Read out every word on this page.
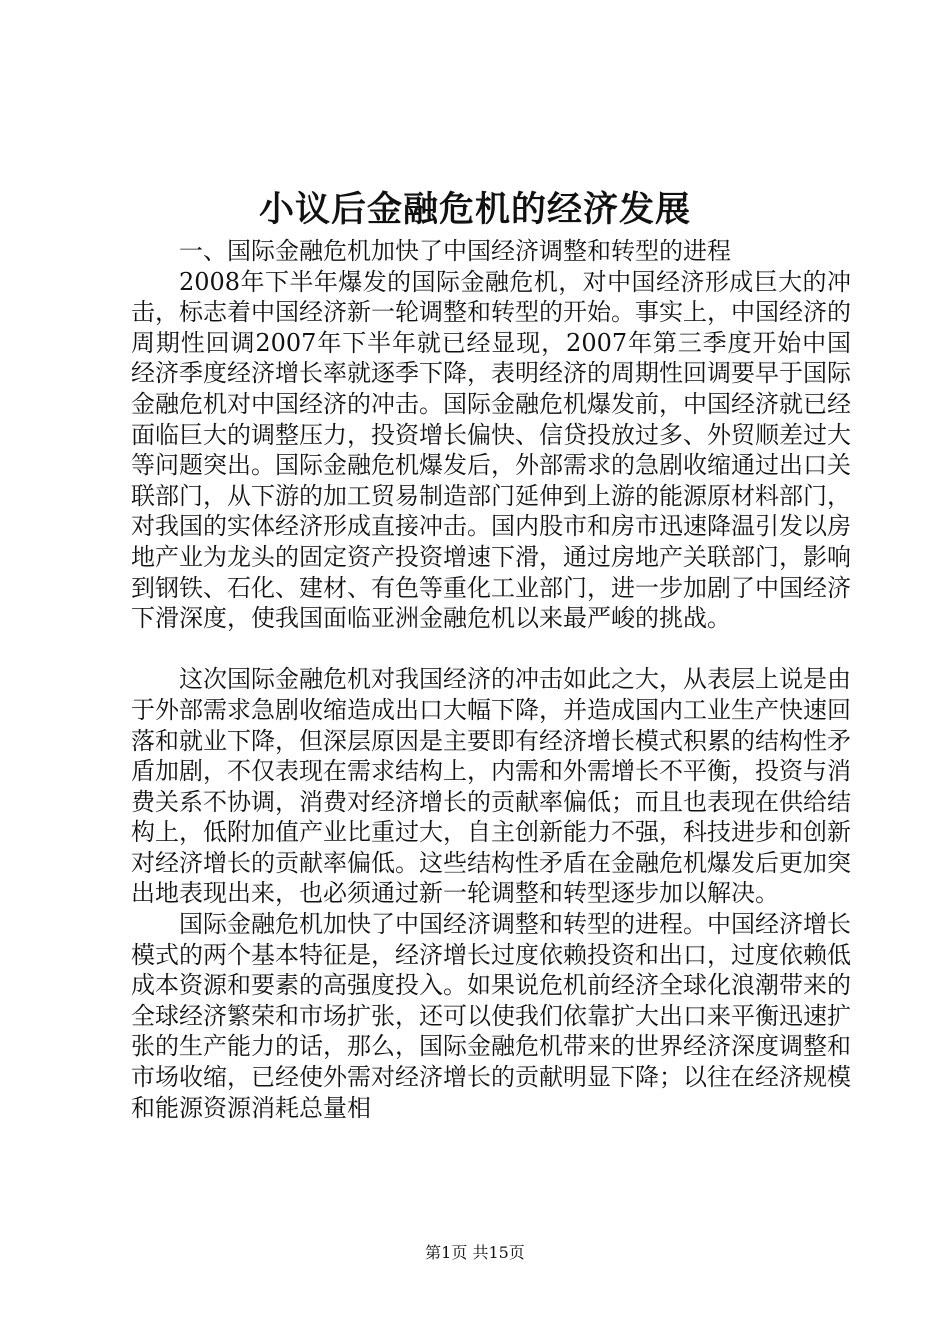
小议后金融危机的经济发展

一、国际金融危机加快了中国经济调整和转型的进程

2008年下半年爆发的国际金融危机，对中国经济形成巨大的冲击，标志着中国经济新一轮调整和转型的开始。事实上，中国经济的周期性回调2007年下半年就已经显现，2007年第三季度开始中国经济季度经济增长率就逐季下降，表明经济的周期性回调要早于国际金融危机对中国经济的冲击。国际金融危机爆发前，中国经济就已经面临巨大的调整压力，投资增长偏快、信贷投放过多、外贸顺差过大等问题突出。国际金融危机爆发后，外部需求的急剧收缩通过出口关联部门，从下游的加工贸易制造部门延伸到上游的能源原材料部门，对我国的实体经济形成直接冲击。国内股市和房市迅速降温引发以房地产业为龙头的固定资产投资增速下滑，通过房地产关联部门，影响到钢铁、石化、建材、有色等重化工业部门，进一步加剧了中国经济下滑深度，使我国面临亚洲金融危机以来最严峻的挑战。

这次国际金融危机对我国经济的冲击如此之大，从表层上说是由于外部需求急剧收缩造成出口大幅下降，并造成国内工业生产快速回落和就业下降，但深层原因是主要即有经济增长模式积累的结构性矛盾加剧，不仅表现在需求结构上，内需和外需增长不平衡，投资与消费关系不协调，消费对经济增长的贡献率偏低；而且也表现在供给结构上，低附加值产业比重过大，自主创新能力不强，科技进步和创新对经济增长的贡献率偏低。这些结构性矛盾在金融危机爆发后更加突出地表现出来，也必须通过新一轮调整和转型逐步加以解决。

国际金融危机加快了中国经济调整和转型的进程。中国经济增长模式的两个基本特征是，经济增长过度依赖投资和出口，过度依赖低成本资源和要素的高强度投入。如果说危机前经济全球化浪潮带来的全球经济繁荣和市场扩张，还可以使我们依靠扩大出口来平衡迅速扩张的生产能力的话，那么，国际金融危机带来的世界经济深度调整和市场收缩，已经使外需对经济增长的贡献明显下降；以往在经济规模和能源资源消耗总量相

第1页 共15页
